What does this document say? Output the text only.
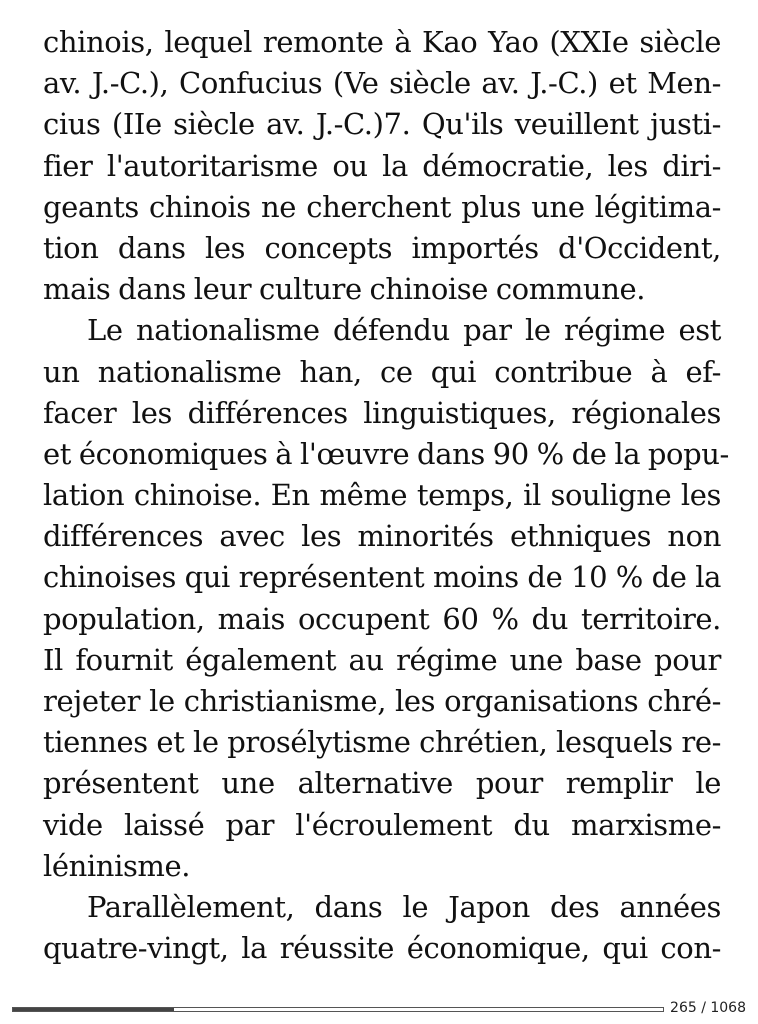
chinois, lequel remonte à Kao Yao (XXIe siècle
av. J.-C.), Confucius (Ve siècle av. J.-C.) et Men-
cius (IIe siècle av. J.-C.)7. Qu'ils veuillent justi-
fier l'autoritarisme ou la démocratie, les diri-
geants chinois ne cherchent plus une légitima-
tion dans les concepts importés d'Occident,
mais dans leur culture chinoise commune.
Le nationalisme défendu par le régime est
un nationalisme han, ce qui contribue à ef-
facer les différences linguistiques, régionales
et économiques à l'œuvre dans 90 % de la popu-
lation chinoise. En même temps, il souligne les
différences avec les minorités ethniques non
chinoises qui représentent moins de 10 % de la
population, mais occupent 60 % du territoire.
Il fournit également au régime une base pour
rejeter le christianisme, les organisations chré-
tiennes et le prosélytisme chrétien, lesquels re-
présentent une alternative pour remplir le
vide laissé par l'écroulement du marxisme-
léninisme.
Parallèlement, dans le Japon des années
quatre-vingt, la réussite économique, qui con-
265 / 1068
